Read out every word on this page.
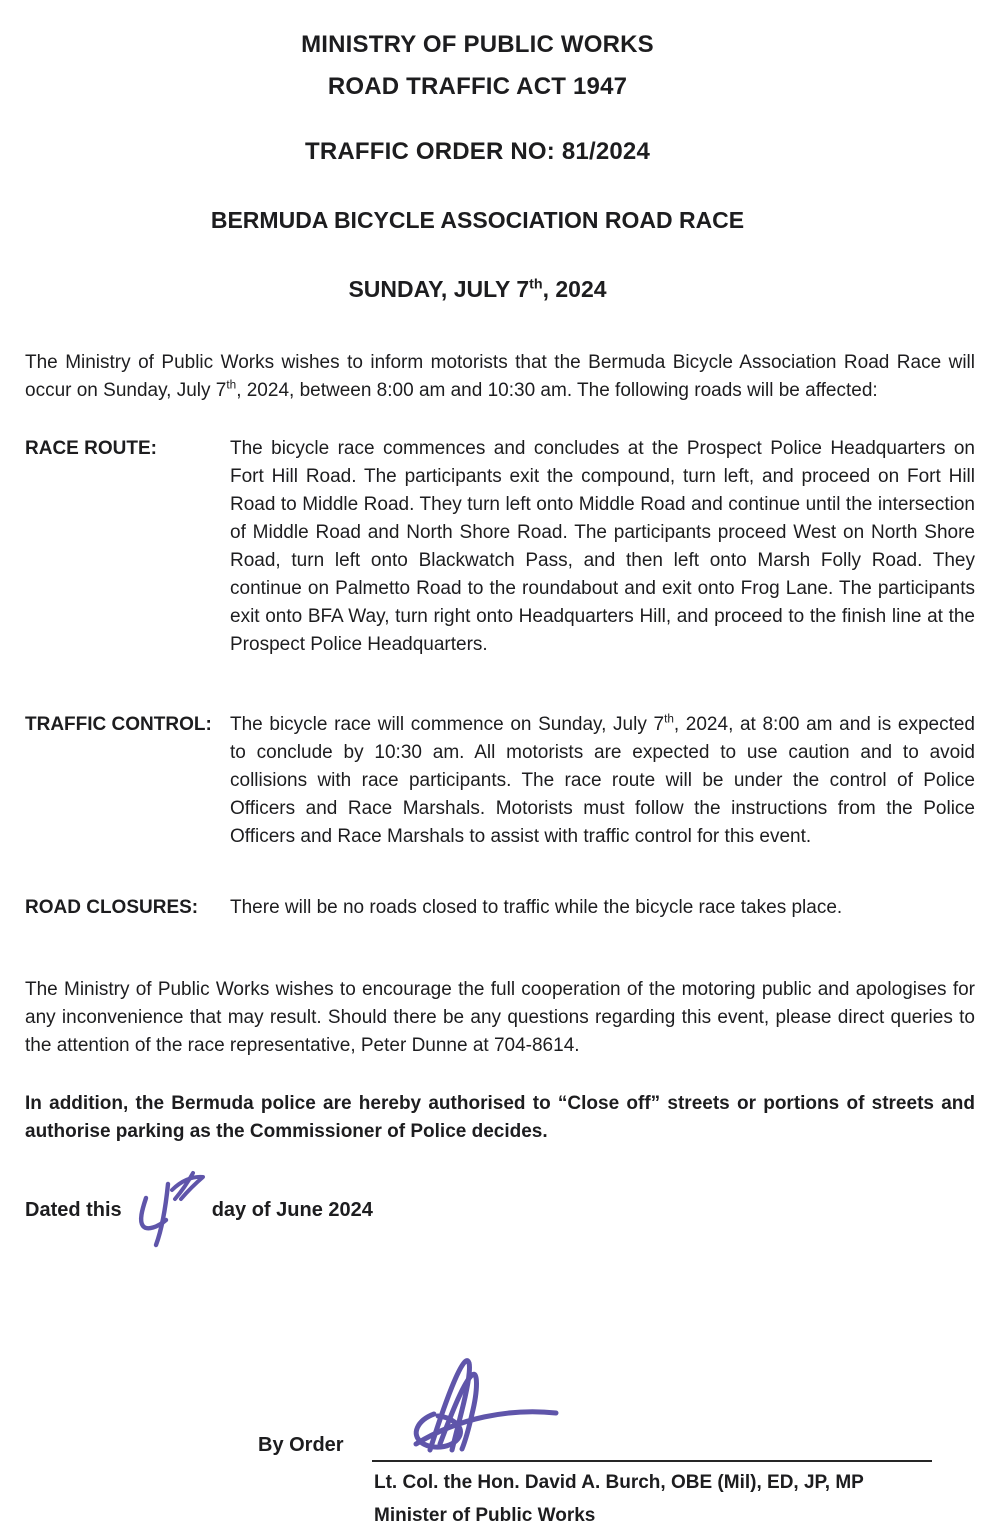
MINISTRY OF PUBLIC WORKS
ROAD TRAFFIC ACT 1947
TRAFFIC ORDER NO: 81/2024
BERMUDA BICYCLE ASSOCIATION ROAD RACE
SUNDAY, JULY 7th, 2024

The Ministry of Public Works wishes to inform motorists that the Bermuda Bicycle Association Road Race will occur on Sunday, July 7th, 2024, between 8:00 am and 10:30 am. The following roads will be affected:

RACE ROUTE:	The bicycle race commences and concludes at the Prospect Police Headquarters on Fort Hill Road. The participants exit the compound, turn left, and proceed on Fort Hill Road to Middle Road. They turn left onto Middle Road and continue until the intersection of Middle Road and North Shore Road. The participants proceed West on North Shore Road, turn left onto Blackwatch Pass, and then left onto Marsh Folly Road. They continue on Palmetto Road to the roundabout and exit onto Frog Lane. The participants exit onto BFA Way, turn right onto Headquarters Hill, and proceed to the finish line at the Prospect Police Headquarters.

TRAFFIC CONTROL: The bicycle race will commence on Sunday, July 7th, 2024, at 8:00 am and is expected to conclude by 10:30 am. All motorists are expected to use caution and to avoid collisions with race participants. The race route will be under the control of Police Officers and Race Marshals. Motorists must follow the instructions from the Police Officers and Race Marshals to assist with traffic control for this event.

ROAD CLOSURES:	There will be no roads closed to traffic while the bicycle race takes place.

The Ministry of Public Works wishes to encourage the full cooperation of the motoring public and apologises for any inconvenience that may result. Should there be any questions regarding this event, please direct queries to the attention of the race representative, Peter Dunne at 704-8614.

In addition, the Bermuda police are hereby authorised to “Close off” streets or portions of streets and authorise parking as the Commissioner of Police decides.

Dated this	day of June 2024
By Order
Lt. Col. the Hon. David A. Burch, OBE (Mil), ED, JP, MP
Minister of Public Works
